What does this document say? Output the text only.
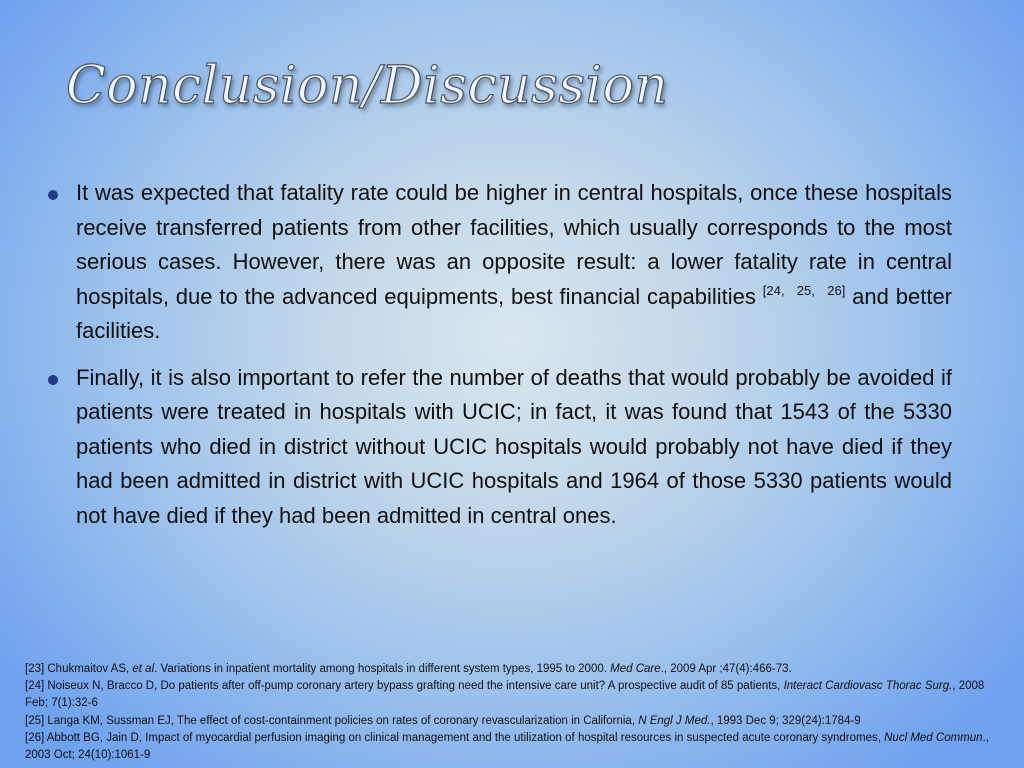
Conclusion/Discussion
It was expected that fatality rate could be higher in central hospitals, once these hospitals receive transferred patients from other facilities, which usually corresponds to the most serious cases. However, there was an opposite result: a lower fatality rate in central hospitals, due to the advanced equipments, best financial capabilities [24, 25, 26] and better facilities.
Finally, it is also important to refer the number of deaths that would probably be avoided if patients were treated in hospitals with UCIC; in fact, it was found that 1543 of the 5330 patients who died in district without UCIC hospitals would probably not have died if they had been admitted in district with UCIC hospitals and 1964 of those 5330 patients would not have died if they had been admitted in central ones.
[23] Chukmaitov AS, et al. Variations in inpatient mortality among hospitals in different system types, 1995 to 2000. Med Care., 2009 Apr ;47(4):466-73.
[24] Noiseux N, Bracco D, Do patients after off-pump coronary artery bypass grafting need the intensive care unit? A prospective audit of 85 patients, Interact Cardiovasc Thorac Surg., 2008 Feb; 7(1):32-6
[25] Langa KM, Sussman EJ, The effect of cost-containment policies on rates of coronary revascularization in California, N Engl J Med., 1993 Dec 9; 329(24):1784-9
[26] Abbott BG, Jain D, Impact of myocardial perfusion imaging on clinical management and the utilization of hospital resources in suspected acute coronary syndromes, Nucl Med Commun., 2003 Oct; 24(10):1061-9
